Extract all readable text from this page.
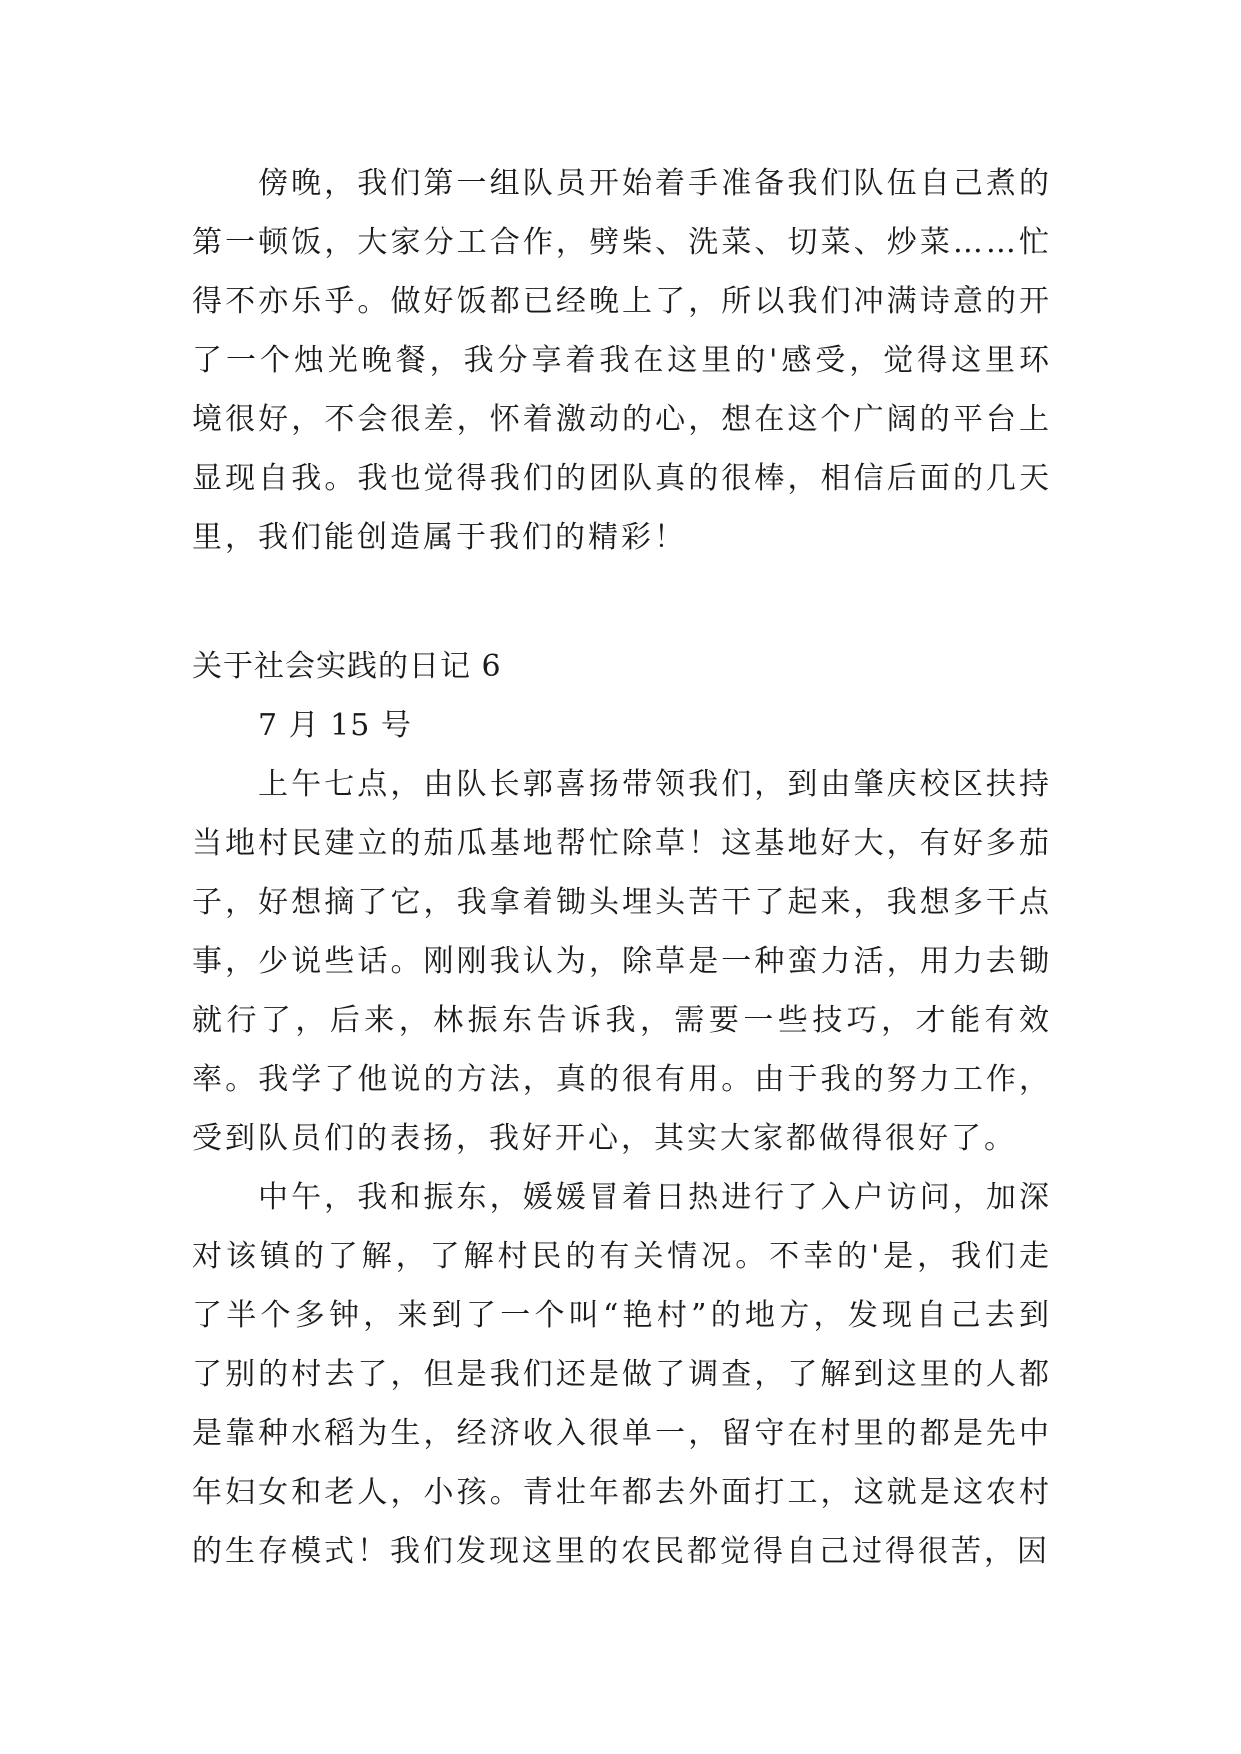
傍晚，我们第一组队员开始着手准备我们队伍自己煮的第一顿饭，大家分工合作，劈柴、洗菜、切菜、炒菜……忙得不亦乐乎。做好饭都已经晚上了，所以我们冲满诗意的开了一个烛光晚餐，我分享着我在这里的'感受，觉得这里环境很好，不会很差，怀着激动的心，想在这个广阔的平台上显现自我。我也觉得我们的团队真的很棒，相信后面的几天里，我们能创造属于我们的精彩！

关于社会实践的日记 6

7 月 15 号

上午七点，由队长郭喜扬带领我们，到由肇庆校区扶持当地村民建立的茄瓜基地帮忙除草！这基地好大，有好多茄子，好想摘了它，我拿着锄头埋头苦干了起来，我想多干点事，少说些话。刚刚我认为，除草是一种蛮力活，用力去锄就行了，后来，林振东告诉我，需要一些技巧，才能有效率。我学了他说的方法，真的很有用。由于我的努力工作，受到队员们的表扬，我好开心，其实大家都做得很好了。

中午，我和振东，媛媛冒着日热进行了入户访问，加深对该镇的了解，了解村民的有关情况。不幸的'是，我们走了半个多钟，来到了一个叫“艳村”的地方，发现自己去到了别的村去了，但是我们还是做了调查，了解到这里的人都是靠种水稻为生，经济收入很单一，留守在村里的都是先中年妇女和老人，小孩。青壮年都去外面打工，这就是这农村的生存模式！我们发现这里的农民都觉得自己过得很苦，因
